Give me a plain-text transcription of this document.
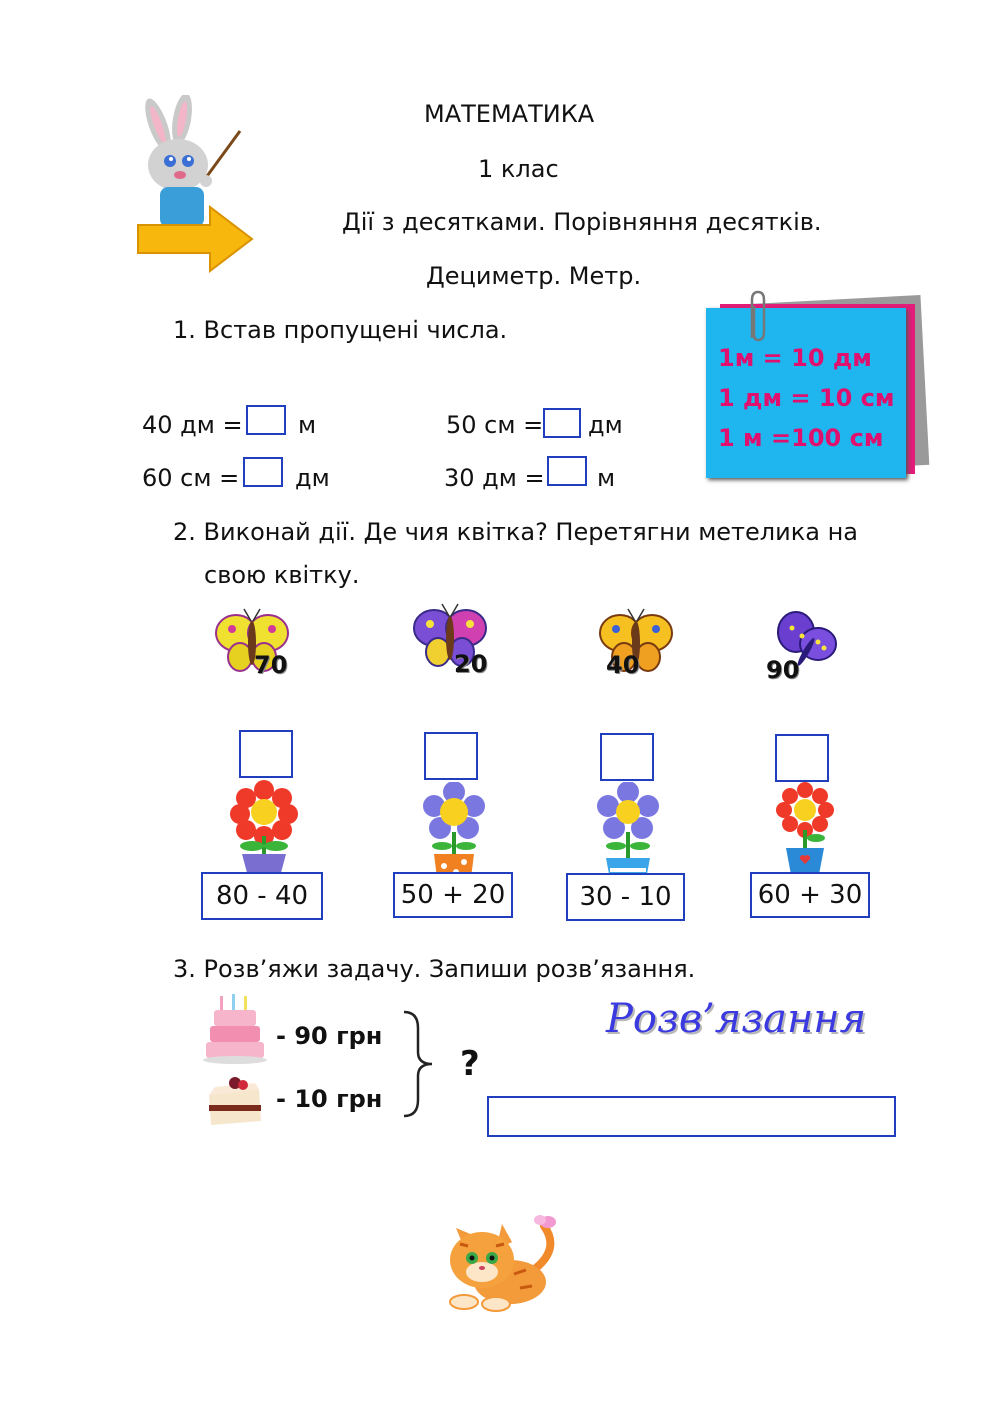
МАТЕМАТИКА
1 клас
Дії з десятками. Порівняння десятків.
Дециметр. Метр.
1м = 10 дм
1 дм = 10 см
1 м =100 см
1. Встав пропущені числа.
40 дм = м	50 см = дм
60 см = дм	30 дм = м
2. Виконай дії. Де чия квітка? Перетягни метелика на
свою квітку.
70	20	40	90
80 - 40	50 + 20	30 - 10	60 + 30
3. Розв’яжи задачу. Запиши розв’язання.
- 90 грн
- 10 грн
?
Розв’язання
